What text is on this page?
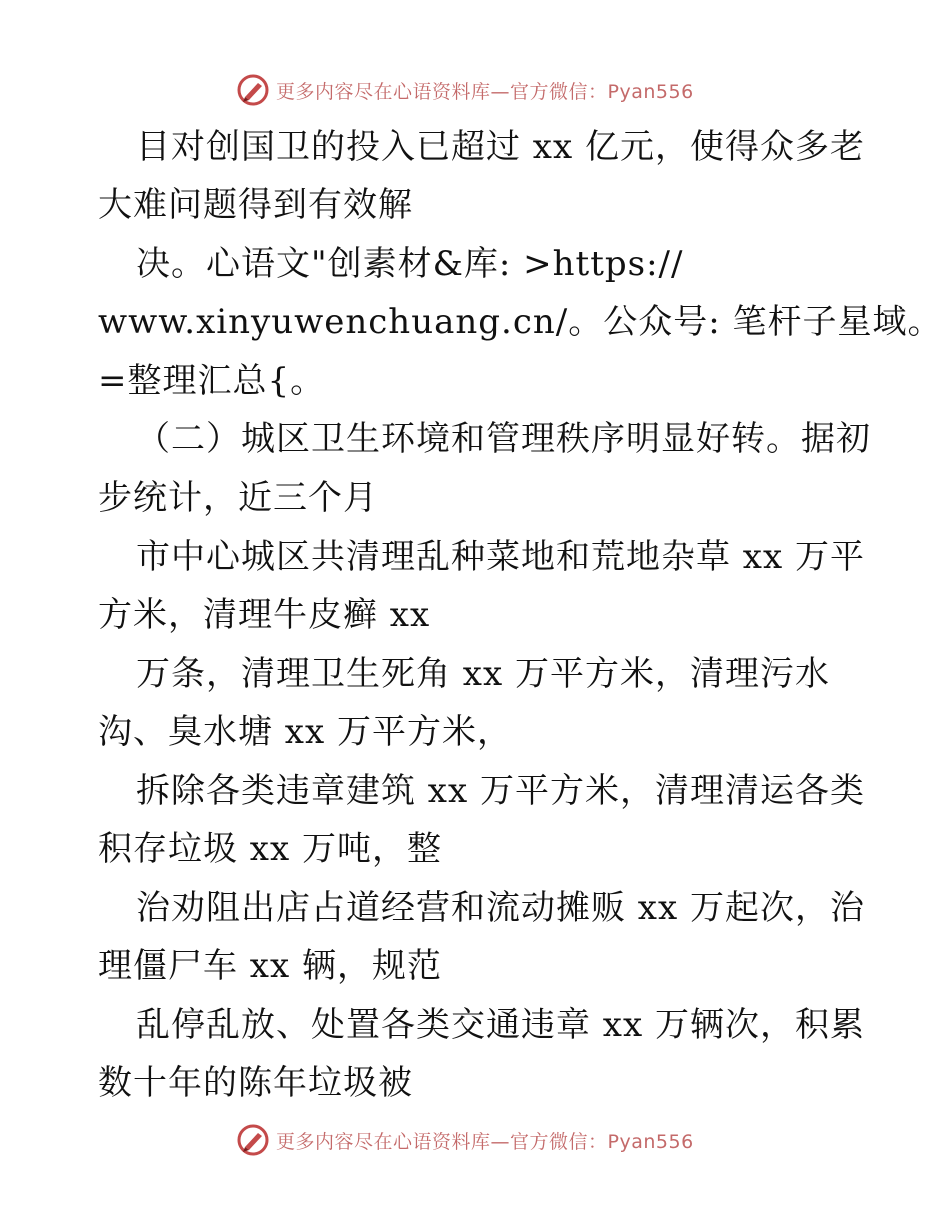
更多内容尽在心语资料库—官方微信：Pyan556
目对创国卫的投入已超过 xx 亿元，使得众多老
大难问题得到有效解
决。心语文"创素材&库: >https://
www.xinyuwenchuang.cn/。公众号: 笔杆子星域。
=整理汇总{。
（二）城区卫生环境和管理秩序明显好转。据初
步统计，近三个月
市中心城区共清理乱种菜地和荒地杂草 xx 万平
方米，清理牛皮癣 xx
万条，清理卫生死角 xx 万平方米，清理污水
沟、臭水塘 xx 万平方米，
拆除各类违章建筑 xx 万平方米，清理清运各类
积存垃圾 xx 万吨，整
治劝阻出店占道经营和流动摊贩 xx 万起次，治
理僵尸车 xx 辆，规范
乱停乱放、处置各类交通违章 xx 万辆次，积累
数十年的陈年垃圾被
更多内容尽在心语资料库—官方微信：Pyan556
